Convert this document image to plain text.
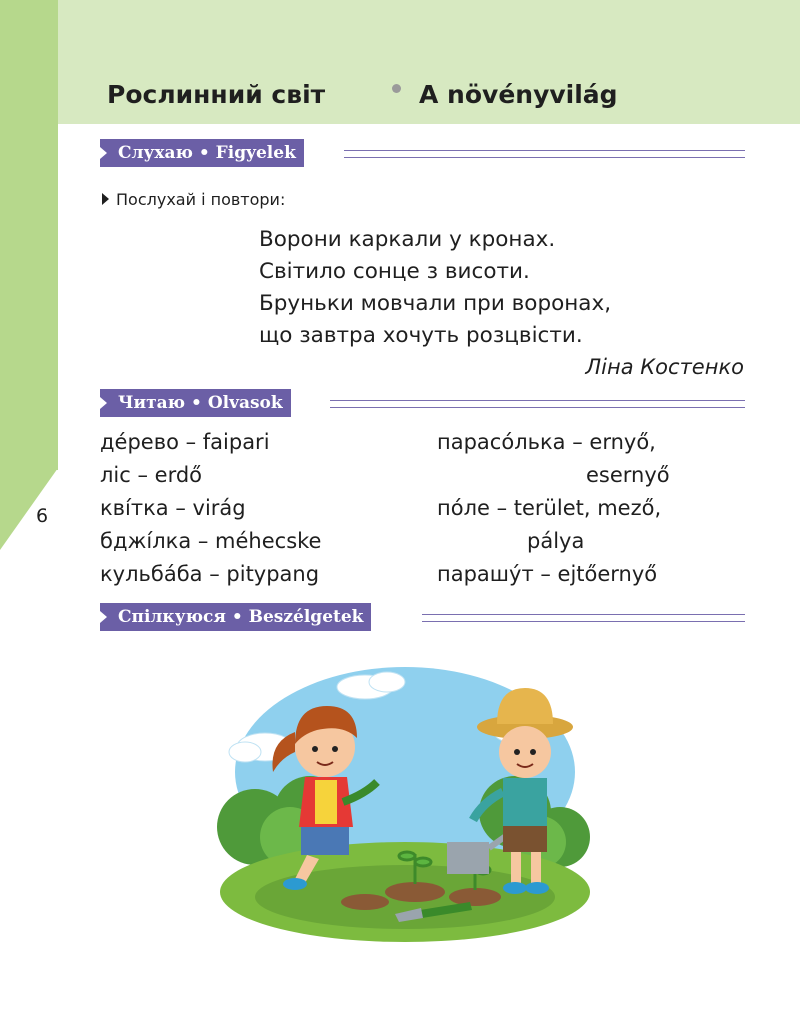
Рослинний світ	A növényvilág
Слухаю • Figyelek
Послухай і повтори:
Ворони каркали у кронах.
Світило сонце з висоти.
Бруньки мовчали при воронах,
що завтра хочуть розцвісти.
Ліна Костенко
Читаю • Olvasok
6
де́рево – faipari
ліс – erdő
кві́тка – virág
бджі́лка – méhecske
кульба́ба – pitypang
парасо́лька – ernyő,
esernyő
по́ле – terület, mező,
pálya
парашу́т – ejtőernyő
Спілкуюся • Beszélgetek
